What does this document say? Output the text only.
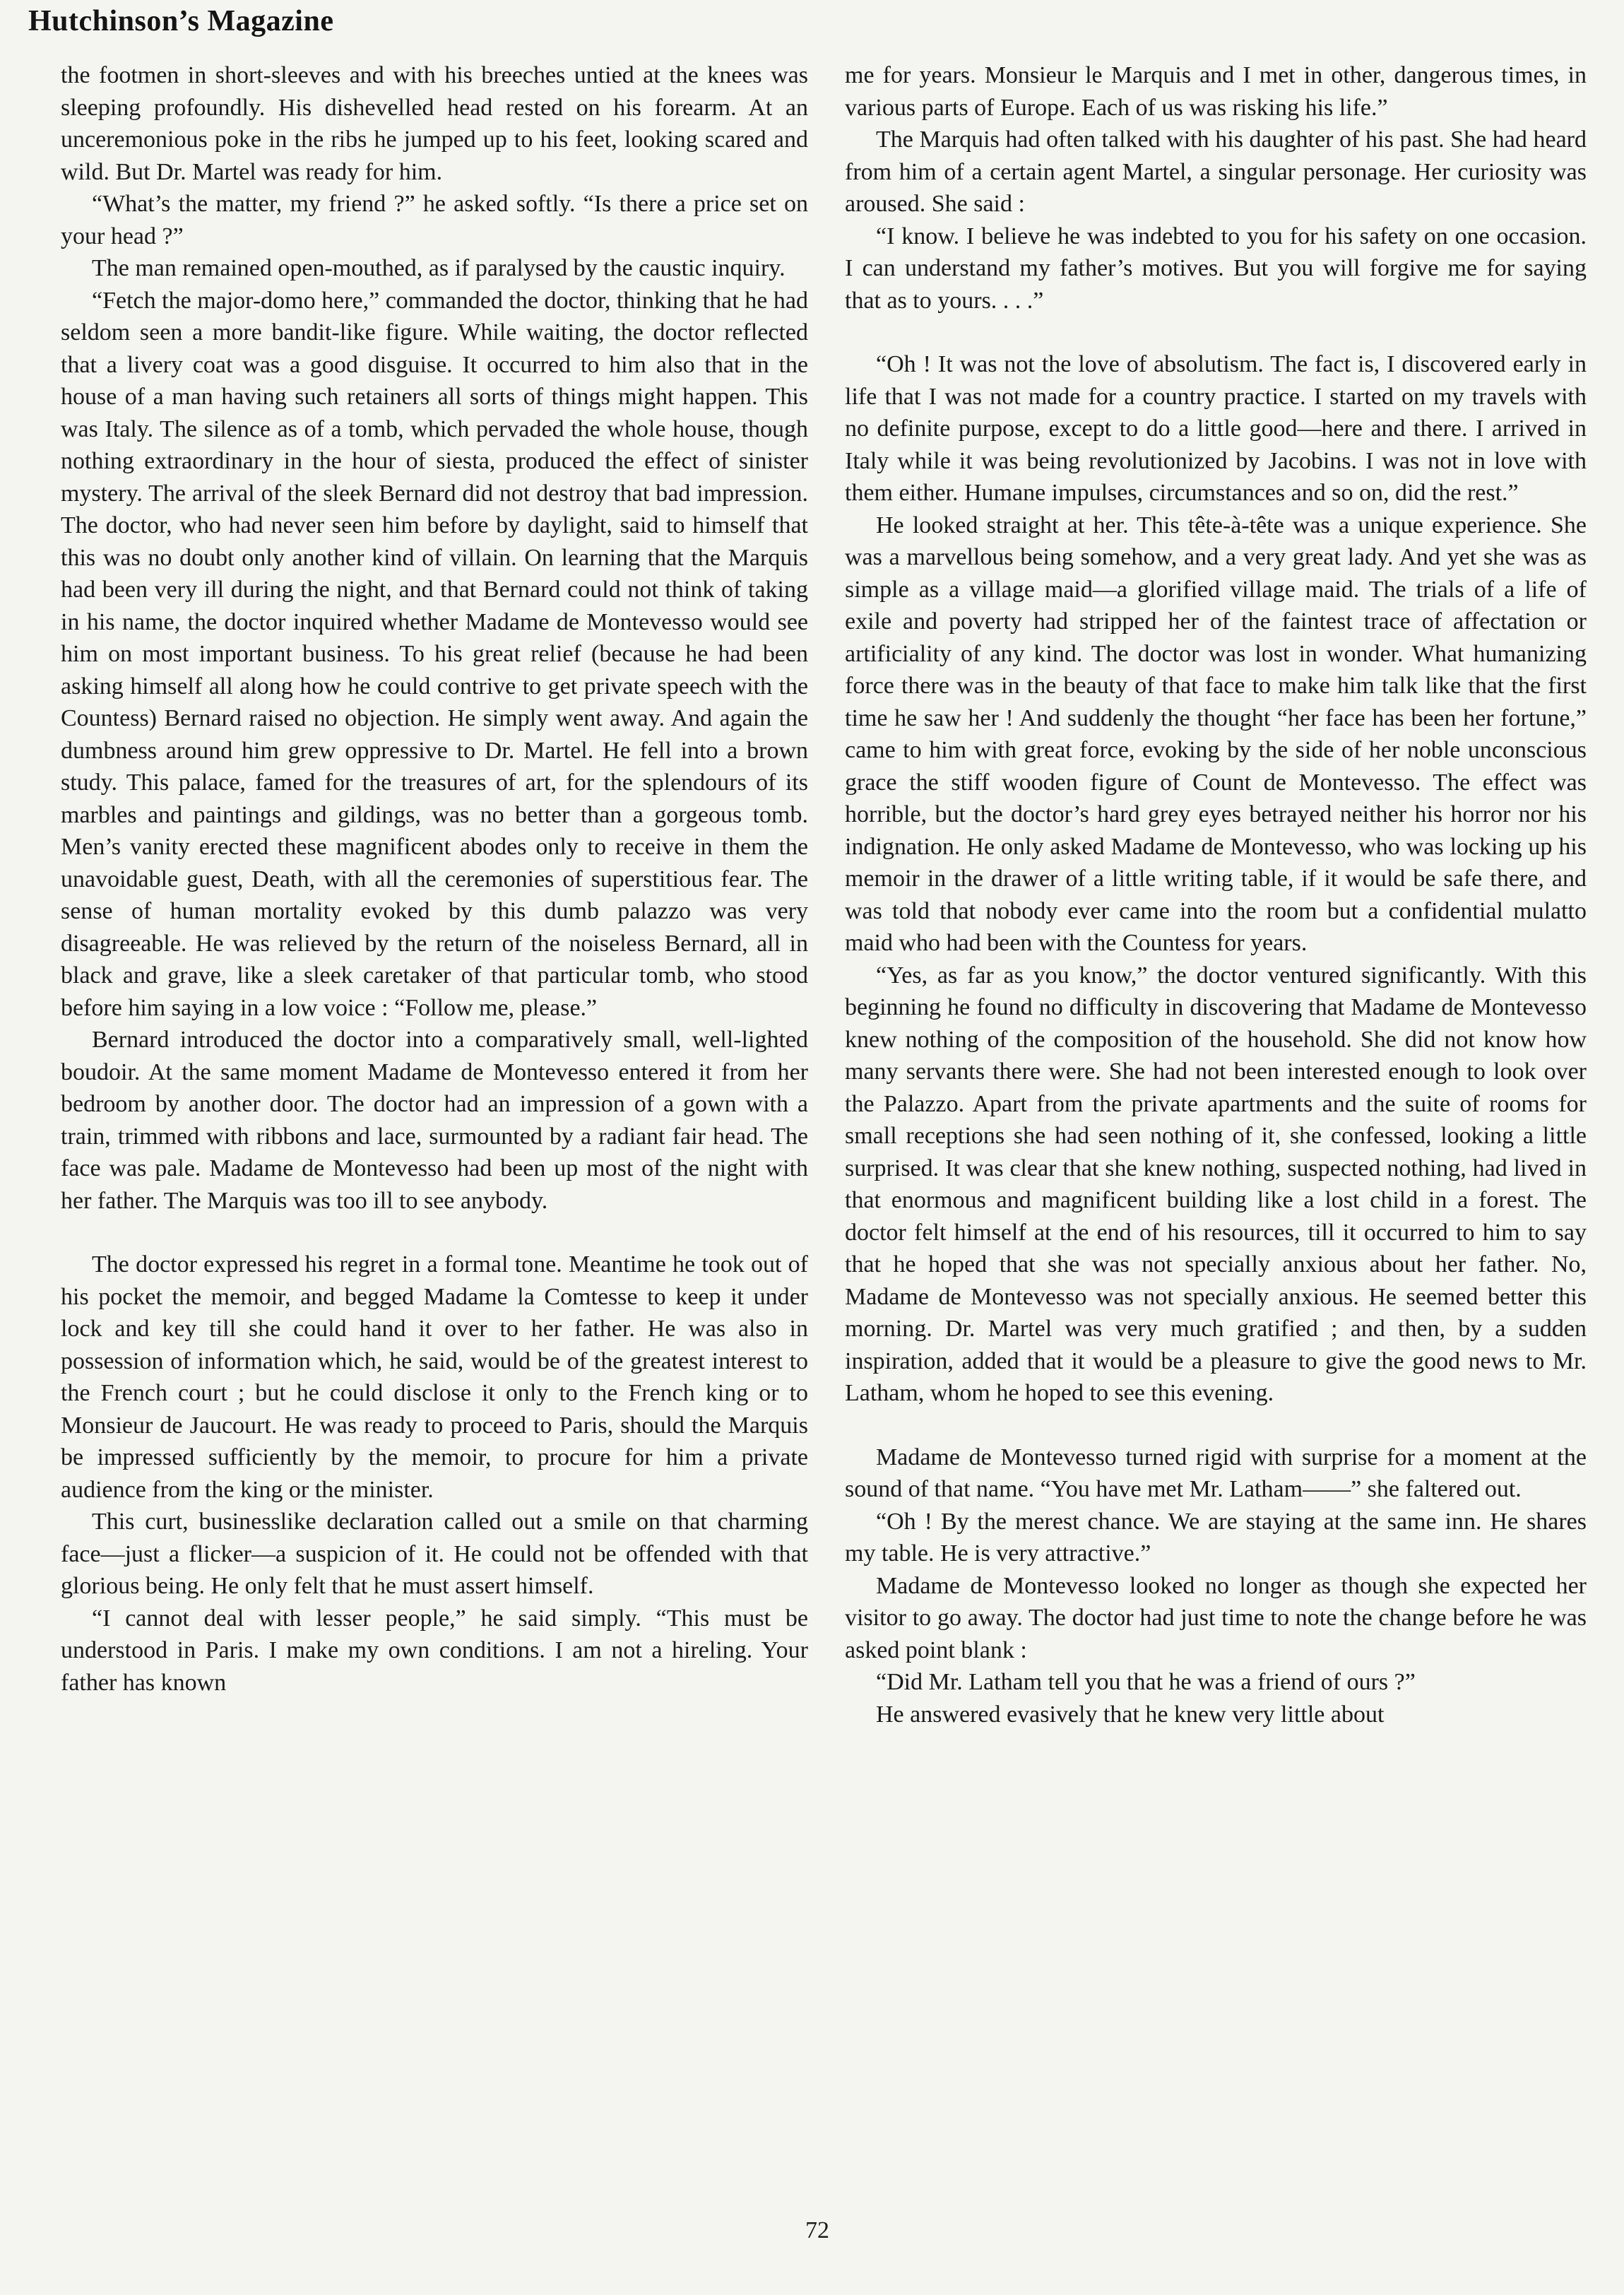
Hutchinson’s Magazine

the footmen in short-sleeves and with his breeches untied at the knees was sleeping profoundly. His dishevelled head rested on his forearm. At an unceremonious poke in the ribs he jumped up to his feet, looking scared and wild. But Dr. Martel was ready for him.

“What’s the matter, my friend ?” he asked softly. “Is there a price set on your head ?”

The man remained open-mouthed, as if paralysed by the caustic inquiry.

“Fetch the major-domo here,” commanded the doctor, thinking that he had seldom seen a more bandit-like figure. While waiting, the doctor reflected that a livery coat was a good disguise. It occurred to him also that in the house of a man having such retainers all sorts of things might happen. This was Italy. The silence as of a tomb, which pervaded the whole house, though nothing extraordinary in the hour of siesta, produced the effect of sinister mystery. The arrival of the sleek Bernard did not destroy that bad impression. The doctor, who had never seen him before by daylight, said to himself that this was no doubt only another kind of villain. On learning that the Marquis had been very ill during the night, and that Bernard could not think of taking in his name, the doctor inquired whether Madame de Montevesso would see him on most important business. To his great relief (because he had been asking himself all along how he could contrive to get private speech with the Countess) Bernard raised no objection. He simply went away. And again the dumbness around him grew oppressive to Dr. Martel. He fell into a brown study. This palace, famed for the treasures of art, for the splendours of its marbles and paintings and gildings, was no better than a gorgeous tomb. Men’s vanity erected these magnificent abodes only to receive in them the unavoidable guest, Death, with all the ceremonies of superstitious fear. The sense of human mortality evoked by this dumb palazzo was very disagreeable. He was relieved by the return of the noiseless Bernard, all in black and grave, like a sleek caretaker of that particular tomb, who stood before him saying in a low voice : “Follow me, please.”

Bernard introduced the doctor into a comparatively small, well-lighted boudoir. At the same moment Madame de Montevesso entered it from her bedroom by another door. The doctor had an impression of a gown with a train, trimmed with ribbons and lace, surmounted by a radiant fair head. The face was pale. Madame de Montevesso had been up most of the night with her father. The Marquis was too ill to see anybody.

The doctor expressed his regret in a formal tone. Meantime he took out of his pocket the memoir, and begged Madame la Comtesse to keep it under lock and key till she could hand it over to her father. He was also in possession of information which, he said, would be of the greatest interest to the French court ; but he could disclose it only to the French king or to Monsieur de Jaucourt. He was ready to proceed to Paris, should the Marquis be impressed sufficiently by the memoir, to procure for him a private audience from the king or the minister.

This curt, businesslike declaration called out a smile on that charming face—just a flicker—a suspicion of it. He could not be offended with that glorious being. He only felt that he must assert himself.

“I cannot deal with lesser people,” he said simply. “This must be understood in Paris. I make my own conditions. I am not a hireling. Your father has known

me for years. Monsieur le Marquis and I met in other, dangerous times, in various parts of Europe. Each of us was risking his life.”

The Marquis had often talked with his daughter of his past. She had heard from him of a certain agent Martel, a singular personage. Her curiosity was aroused. She said :

“I know. I believe he was indebted to you for his safety on one occasion. I can understand my father’s motives. But you will forgive me for saying that as to yours. . . .”

“Oh ! It was not the love of absolutism. The fact is, I discovered early in life that I was not made for a country practice. I started on my travels with no definite purpose, except to do a little good—here and there. I arrived in Italy while it was being revolutionized by Jacobins. I was not in love with them either. Humane impulses, circumstances and so on, did the rest.”

He looked straight at her. This tête-à-tête was a unique experience. She was a marvellous being somehow, and a very great lady. And yet she was as simple as a village maid—a glorified village maid. The trials of a life of exile and poverty had stripped her of the faintest trace of affectation or artificiality of any kind. The doctor was lost in wonder. What humanizing force there was in the beauty of that face to make him talk like that the first time he saw her ! And suddenly the thought “her face has been her fortune,” came to him with great force, evoking by the side of her noble unconscious grace the stiff wooden figure of Count de Montevesso. The effect was horrible, but the doctor’s hard grey eyes betrayed neither his horror nor his indignation. He only asked Madame de Montevesso, who was locking up his memoir in the drawer of a little writing table, if it would be safe there, and was told that nobody ever came into the room but a confidential mulatto maid who had been with the Countess for years.

“Yes, as far as you know,” the doctor ventured significantly. With this beginning he found no difficulty in discovering that Madame de Montevesso knew nothing of the composition of the household. She did not know how many servants there were. She had not been interested enough to look over the Palazzo. Apart from the private apartments and the suite of rooms for small receptions she had seen nothing of it, she confessed, looking a little surprised. It was clear that she knew nothing, suspected nothing, had lived in that enormous and magnificent building like a lost child in a forest. The doctor felt himself at the end of his resources, till it occurred to him to say that he hoped that she was not specially anxious about her father. No, Madame de Montevesso was not specially anxious. He seemed better this morning. Dr. Martel was very much gratified ; and then, by a sudden inspiration, added that it would be a pleasure to give the good news to Mr. Latham, whom he hoped to see this evening.

Madame de Montevesso turned rigid with surprise for a moment at the sound of that name. “You have met Mr. Latham——” she faltered out.

“Oh ! By the merest chance. We are staying at the same inn. He shares my table. He is very attractive.”

Madame de Montevesso looked no longer as though she expected her visitor to go away. The doctor had just time to note the change before he was asked point blank :

“Did Mr. Latham tell you that he was a friend of ours ?”

He answered evasively that he knew very little about

72
